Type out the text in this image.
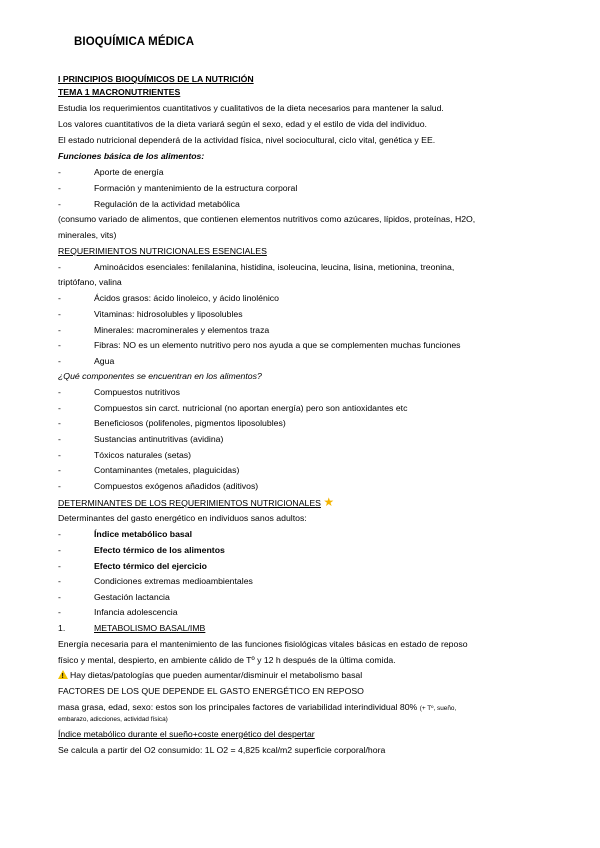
BIOQUÍMICA MÉDICA
I PRINCIPIOS BIOQUÍMICOS DE LA NUTRICIÓN
TEMA 1 MACRONUTRIENTES
Estudia los requerimientos cuantitativos y cualitativos de la dieta necesarios para mantener la salud.
Los valores cuantitativos de la dieta variará según el sexo, edad y el estilo de vida del individuo.
El estado nutricional dependerá de la actividad física, nivel sociocultural, ciclo vital, genética y EE.
Funciones básica de los alimentos:
-	Aporte de energía
-	Formación y mantenimiento de la estructura corporal
-	Regulación de la actividad metabólica
(consumo variado de alimentos, que contienen elementos nutritivos como azúcares, lípidos, proteínas, H2O,
minerales, vits)
REQUERIMIENTOS NUTRICIONALES ESENCIALES
-	Aminoácidos esenciales: fenilalanina, histidina, isoleucina, leucina, lisina, metionina, treonina,
triptófano, valina
-	Ácidos grasos: ácido linoleico, y ácido linolénico
-	Vitaminas: hidrosolubles y liposolubles
-	Minerales: macrominerales y elementos traza
-	Fibras: NO es un elemento nutritivo pero nos ayuda a que se complementen muchas funciones
-	Agua
¿Qué componentes se encuentran en los alimentos?
-	Compuestos nutritivos
-	Compuestos sin carct. nutricional (no aportan energía) pero son antioxidantes etc
-	Beneficiosos (polifenoles, pigmentos liposolubles)
-	Sustancias antinutritivas (avidina)
-	Tóxicos naturales (setas)
-	Contaminantes (metales, plaguicidas)
-	Compuestos exógenos añadidos (aditivos)
DETERMINANTES DE LOS REQUERIMIENTOS NUTRICIONALES ★
Determinantes del gasto energético en individuos sanos adultos:
-	Índice metabólico basal
-	Efecto térmico de los alimentos
-	Efecto térmico del ejercicio
-	Condiciones extremas medioambientales
-	Gestación lactancia
-	Infancia adolescencia
1.	METABOLISMO BASAL/IMB
Energía necesaria para el mantenimiento de las funciones fisiológicas vitales básicas en estado de reposo
físico y mental, despierto, en ambiente cálido de Tº y 12 h después de la última comida.
!Hay dietas/patologías que pueden aumentar/disminuir el metabolismo basal
FACTORES DE LOS QUE DEPENDE EL GASTO ENERGÉTICO EN REPOSO
masa grasa, edad, sexo: estos son los principales factores de variabilidad interindividual 80% (+ Tº, sueño,
embarazo, adicciones, actividad física)
Índice metabólico durante el sueño+coste energético del despertar
Se calcula a partir del O2 consumido: 1L O2 = 4,825 kcal/m2 superficie corporal/hora
